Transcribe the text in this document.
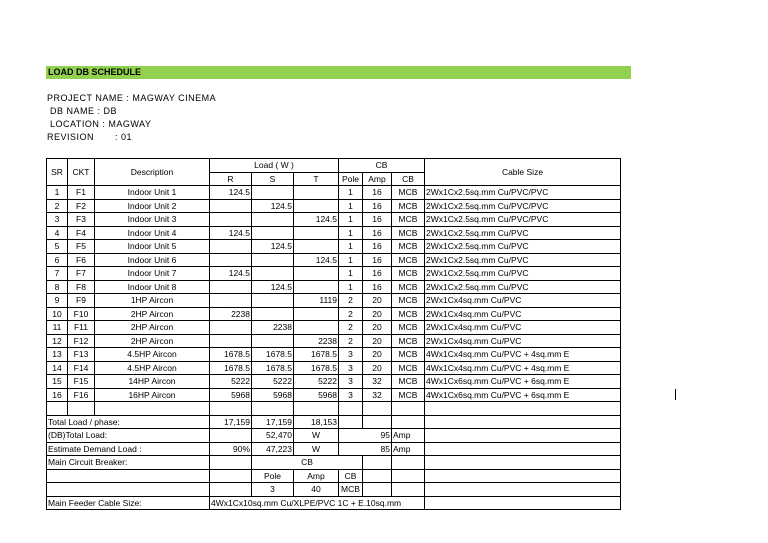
LOAD DB SCHEDULE
PROJECT NAME : MAGWAY CINEMA
DB NAME : DB
LOCATION : MAGWAY
REVISION       : 01
SR	CKT	Description	Load ( W )			CB			Cable Size
			R	S	T	Pole	Amp	CB	
1	F1	Indoor Unit 1	124.5			1	16	MCB	2Wx1Cx2.5sq.mm Cu/PVC/PVC
2	F2	Indoor Unit 2		124.5		1	16	MCB	2Wx1Cx2.5sq.mm Cu/PVC/PVC
3	F3	Indoor Unit 3			124.5	1	16	MCB	2Wx1Cx2.5sq.mm Cu/PVC/PVC
4	F4	Indoor Unit 4	124.5			1	16	MCB	2Wx1Cx2.5sq.mm Cu/PVC
5	F5	Indoor Unit 5		124.5		1	16	MCB	2Wx1Cx2.5sq.mm Cu/PVC
6	F6	Indoor Unit 6			124.5	1	16	MCB	2Wx1Cx2.5sq.mm Cu/PVC
7	F7	Indoor Unit 7	124.5			1	16	MCB	2Wx1Cx2.5sq.mm Cu/PVC
8	F8	Indoor Unit 8		124.5		1	16	MCB	2Wx1Cx2.5sq.mm Cu/PVC
9	F9	1HP Aircon			1119	2	20	MCB	2Wx1Cx4sq.mm Cu/PVC
10	F10	2HP Aircon	2238			2	20	MCB	2Wx1Cx4sq.mm Cu/PVC
11	F11	2HP Aircon		2238		2	20	MCB	2Wx1Cx4sq.mm Cu/PVC
12	F12	2HP Aircon			2238	2	20	MCB	2Wx1Cx4sq.mm Cu/PVC
13	F13	4.5HP Aircon	1678.5	1678.5	1678.5	3	20	MCB	4Wx1Cx4sq.mm Cu/PVC + 4sq.mm E
14	F14	4.5HP Aircon	1678.5	1678.5	1678.5	3	20	MCB	4Wx1Cx4sq.mm Cu/PVC + 4sq.mm E
15	F15	14HP Aircon	5222	5222	5222	3	32	MCB	4Wx1Cx6sq.mm Cu/PVC + 6sq.mm E
16	F16	16HP Aircon	5968	5968	5968	3	32	MCB	4Wx1Cx6sq.mm Cu/PVC + 6sq.mm E

Total Load / phase:			17,159	17,159	18,153				
(DB)Total Load:				52,470	W	95		Amp	
Estimate Demand Load :			90%	47,223	W	85		Amp	
Main Circuit Breaker:				CB					
				Pole	Amp	CB			
				3	40	MCB			
Main Feeder Cable Size:			4Wx1Cx10sq.mm Cu/XLPE/PVC 1C + E.10sq.mm						
